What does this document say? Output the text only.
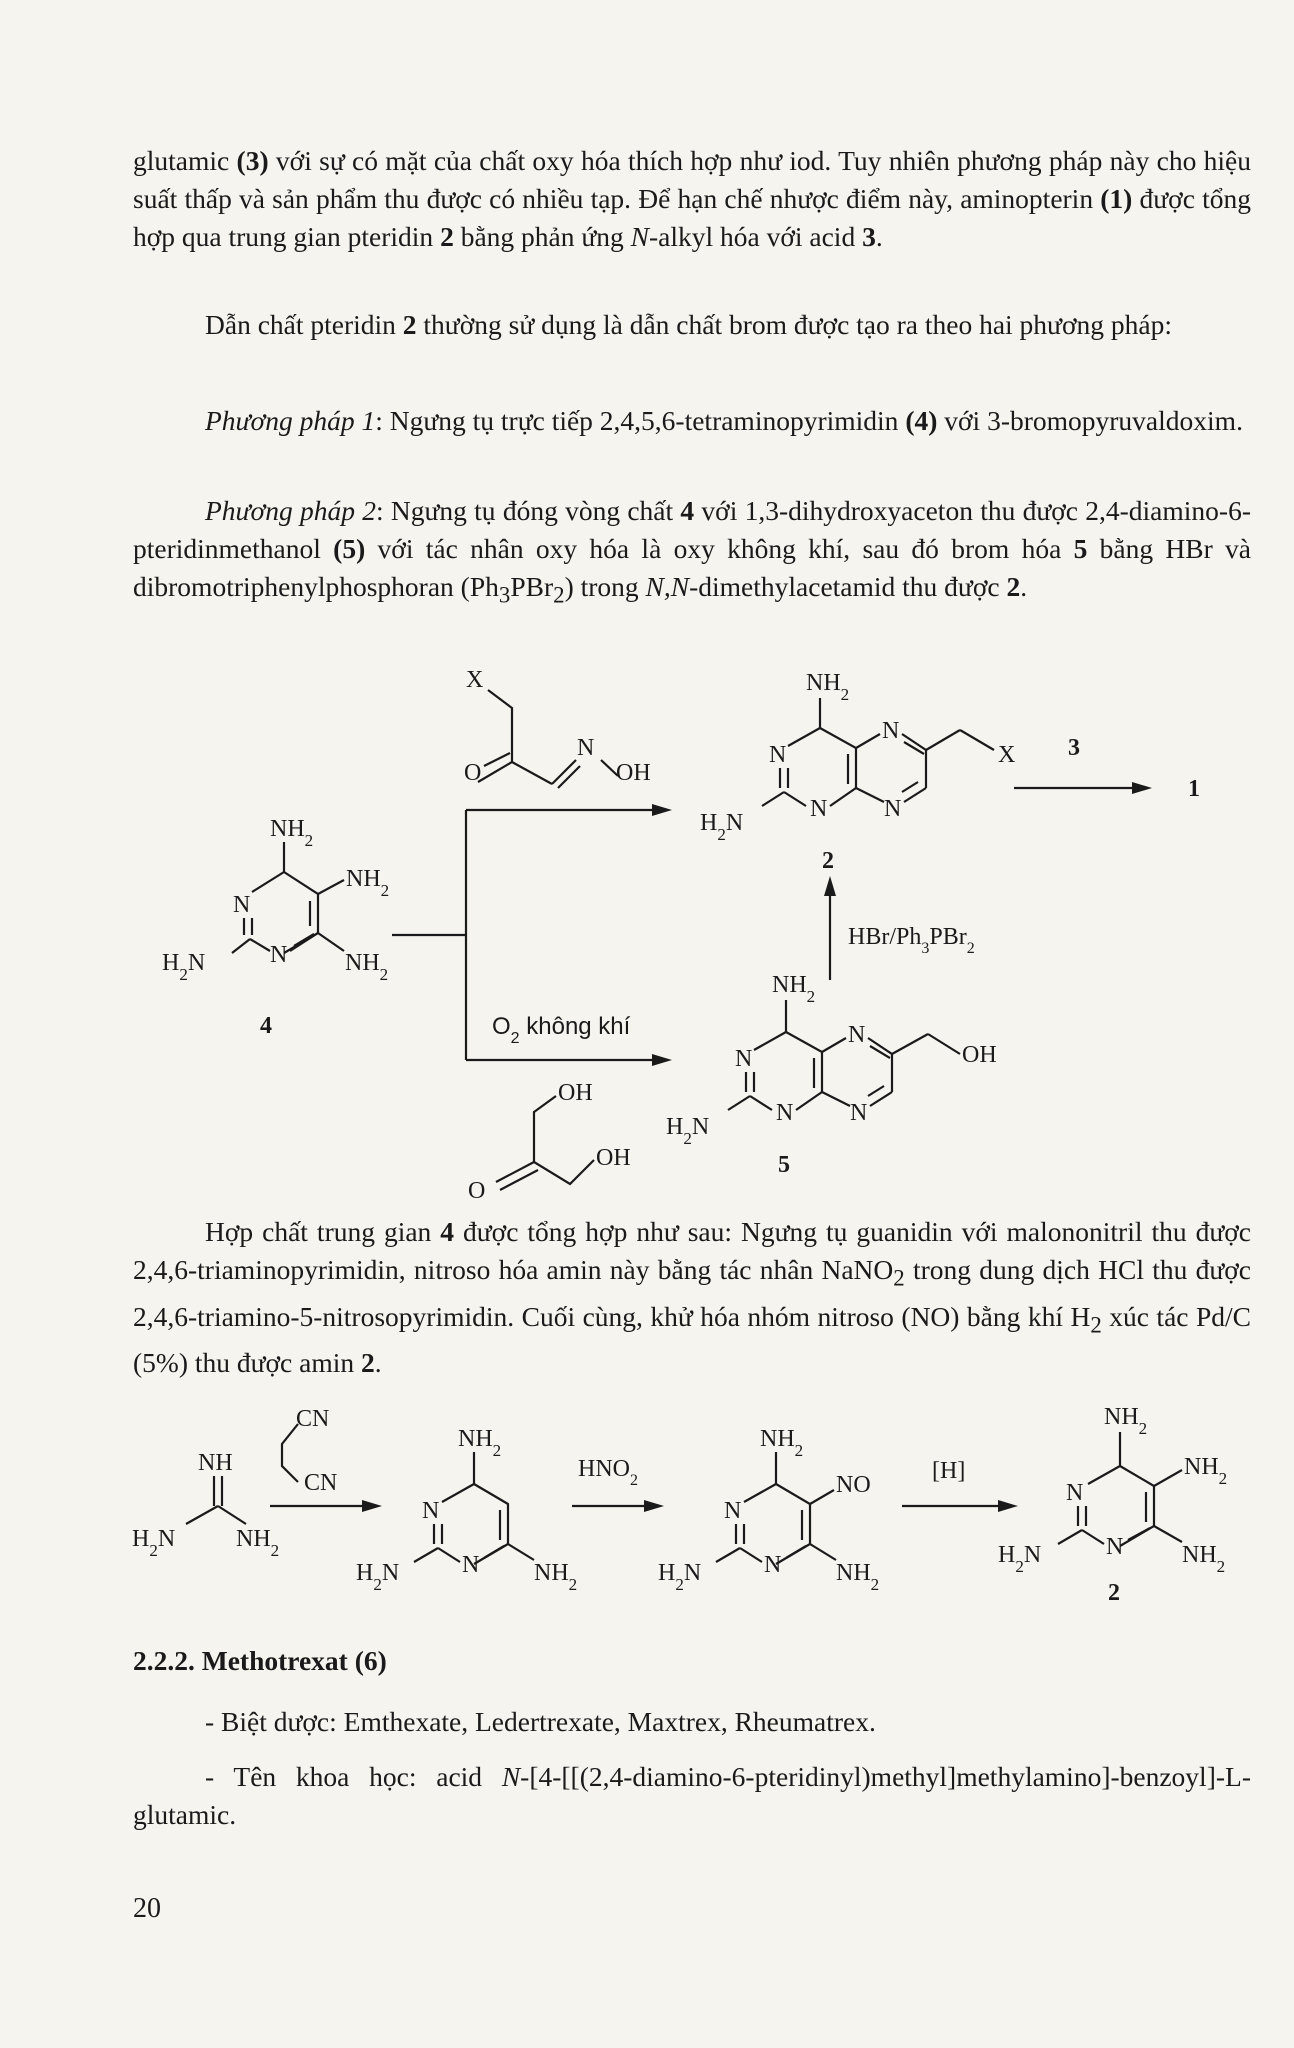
glutamic (3) với sự có mặt của chất oxy hóa thích hợp như iod. Tuy nhiên phương pháp này cho hiệu suất thấp và sản phẩm thu được có nhiều tạp. Để hạn chế nhược điểm này, aminopterin (1) được tổng hợp qua trung gian pteridin 2 bằng phản ứng N-alkyl hóa với acid 3.

Dẫn chất pteridin 2 thường sử dụng là dẫn chất brom được tạo ra theo hai phương pháp:

Phương pháp 1: Ngưng tụ trực tiếp 2,4,5,6-tetraminopyrimidin (4) với 3-bromopyruvaldoxim.

Phương pháp 2: Ngưng tụ đóng vòng chất 4 với 1,3-dihydroxyaceton thu được 2,4-diamino-6-pteridinmethanol (5) với tác nhân oxy hóa là oxy không khí, sau đó brom hóa 5 bằng HBr và dibromotriphenylphosphoran $(Ph_3PBr_2)$ trong N,N-dimethylacetamid thu được 2.

X
O
N
OH
$NH_2$
$NH_2$
N
N
$H_2N$	$NH_2$
4	$O_2$ không khí
OH
OH
O
$NH_2$
N
N
N
N
X
$H_2N$
2
3
1
HBr/$Ph_3PBr_2$
$NH_2$
N
N
N
N
OH
$H_2N$
5

Hợp chất trung gian 4 được tổng hợp như sau: Ngưng tụ guanidin với malononitril thu được 2,4,6-triaminopyrimidin, nitroso hóa amin này bằng tác nhân NaNO$_2$ trong dung dịch HCl thu được 2,4,6-triamino-5-nitrosopyrimidin. Cuối cùng, khử hóa nhóm nitroso (NO) bằng khí $H_2$ xúc tác Pd/C (5%) thu được amin 2.

NH
$H_2N$	$NH_2$
CN
CN
$NH_2$
N
N
$H_2N$	$NH_2$
$HNO_2$
$NH_2$
NO
N
N
$H_2N$	$NH_2$
[H]
$NH_2$
$NH_2$
N
N
$H_2N$	$NH_2$
2

2.2.2. Methotrexat (6)

- Biệt dược: Emthexate, Ledertrexate, Maxtrex, Rheumatrex.

- Tên khoa học: acid N-[4-[[(2,4-diamino-6-pteridinyl)methyl]methylamino]-benzoyl]-L-glutamic.

20
